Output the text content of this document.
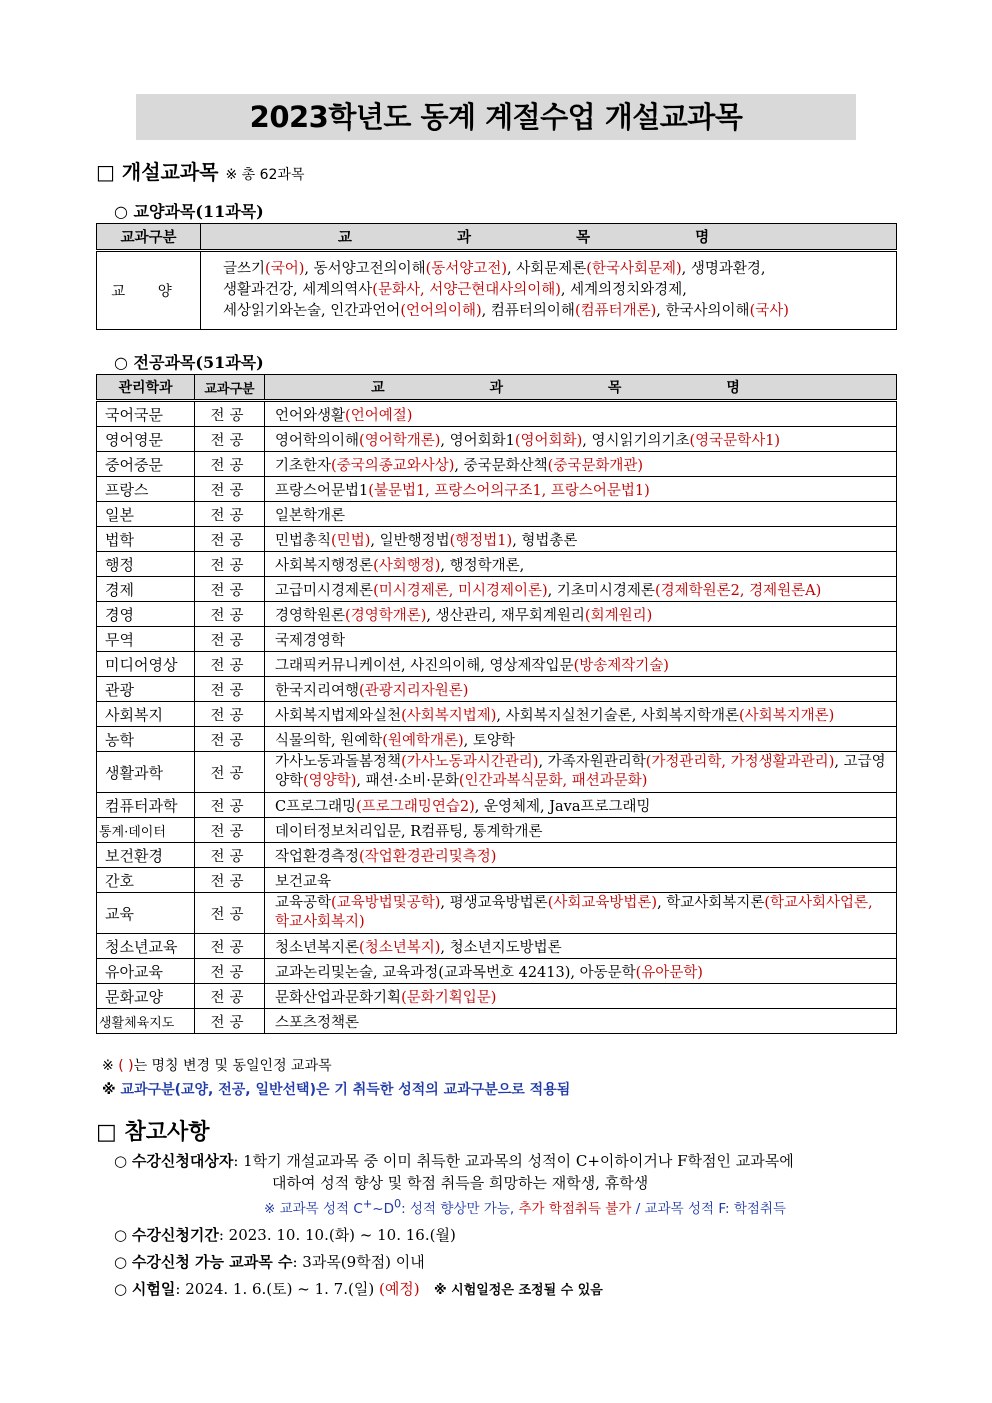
2023학년도 동계 계절수업 개설교과목
□ 개설교과목 ※ 총 62과목
○ 교양과목(11과목)
교과구분	교 과 목 명
교 양	글쓰기(국어), 동서양고전의이해(동서양고전), 사회문제론(한국사회문제), 생명과환경,
생활과건강, 세계의역사(문화사, 서양근현대사의이해), 세계의정치와경제,
세상읽기와논술, 인간과언어(언어의이해), 컴퓨터의이해(컴퓨터개론), 한국사의이해(국사)
○ 전공과목(51과목)
관리학과	교과구분	교 과 목 명
국어국문	전공	언어와생활(언어예절)
영어영문	전공	영어학의이해(영어학개론), 영어회화1(영어회화), 영시읽기의기초(영국문학사1)
중어중문	전공	기초한자(중국의종교와사상), 중국문화산책(중국문화개관)
프랑스	전공	프랑스어문법1(불문법1, 프랑스어의구조1, 프랑스어문법1)
일본	전공	일본학개론
법학	전공	민법총칙(민법), 일반행정법(행정법1), 형법총론
행정	전공	사회복지행정론(사회행정), 행정학개론,
경제	전공	고급미시경제론(미시경제론, 미시경제이론), 기초미시경제론(경제학원론2, 경제원론A)
경영	전공	경영학원론(경영학개론), 생산관리, 재무회계원리(회계원리)
무역	전공	국제경영학
미디어영상	전공	그래픽커뮤니케이션, 사진의이해, 영상제작입문(방송제작기술)
관광	전공	한국지리여행(관광지리자원론)
사회복지	전공	사회복지법제와실천(사회복지법제), 사회복지실천기술론, 사회복지학개론(사회복지개론)
농학	전공	식물의학, 원예학(원예학개론), 토양학
생활과학	전공	가사노동과돌봄정책(가사노동과시간관리), 가족자원관리학(가정관리학, 가정생활과관리), 고급영양학(영양학), 패션·소비·문화(인간과복식문화, 패션과문화)
컴퓨터과학	전공	C프로그래밍(프로그래밍연습2), 운영체제, Java프로그래밍
통계·데이터	전공	데이터정보처리입문, R컴퓨팅, 통계학개론
보건환경	전공	작업환경측정(작업환경관리및측정)
간호	전공	보건교육
교육	전공	교육공학(교육방법및공학), 평생교육방법론(사회교육방법론), 학교사회복지론(학교사회사업론, 학교사회복지)
청소년교육	전공	청소년복지론(청소년복지), 청소년지도방법론
유아교육	전공	교과논리및논술, 교육과정(교과목번호 42413), 아동문학(유아문학)
문화교양	전공	문화산업과문화기획(문화기획입문)
생활체육지도	전공	스포츠정책론
※ ( )는 명칭 변경 및 동일인정 교과목
※ 교과구분(교양, 전공, 일반선택)은 기 취득한 성적의 교과구분으로 적용됨
□ 참고사항
○ 수강신청대상자: 1학기 개설교과목 중 이미 취득한 교과목의 성적이 C+이하이거나 F학점인 교과목에
대하여 성적 향상 및 학점 취득을 희망하는 재학생, 휴학생
※ 교과목 성적 $C^+\sim D^0$: 성적 향상만 가능, 추가 학점취득 불가 / 교과목 성적 F: 학점취득
○ 수강신청기간: 2023. 10. 10.(화) ~ 10. 16.(월)
○ 수강신청 가능 교과목 수: 3과목(9학점) 이내
○ 시험일: 2024. 1. 6.(토) ~ 1. 7.(일) (예정) ※ 시험일정은 조정될 수 있음
